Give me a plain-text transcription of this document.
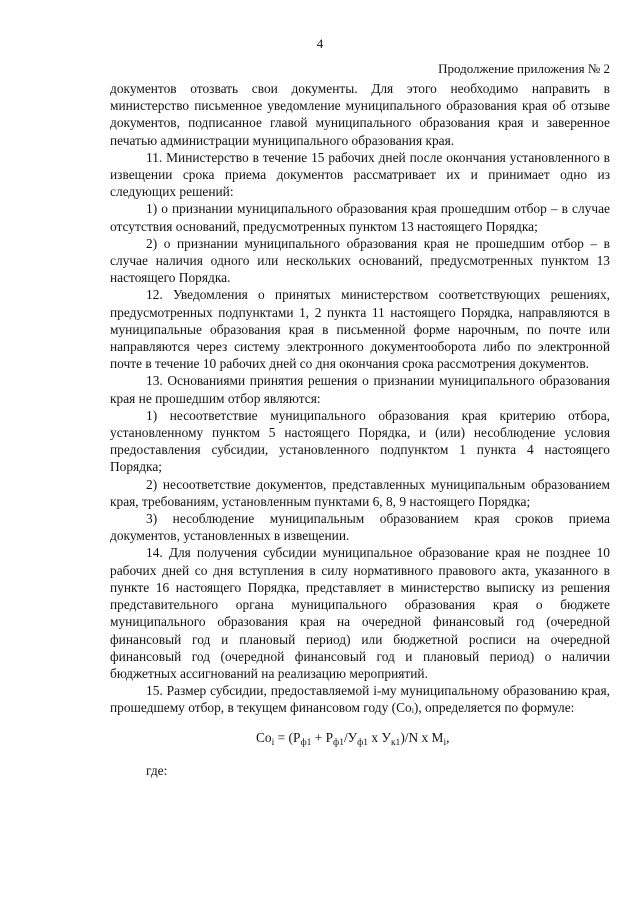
4
Продолжение приложения № 2

документов отозвать свои документы. Для этого необходимо направить в министерство письменное уведомление муниципального образования края об отзыве документов, подписанное главой муниципального образования края и заверенное печатью администрации муниципального образования края.

11. Министерство в течение 15 рабочих дней после окончания установленного в извещении срока приема документов рассматривает их и принимает одно из следующих решений:

1) о признании муниципального образования края прошедшим отбор – в случае отсутствия оснований, предусмотренных пунктом 13 настоящего Порядка;

2) о признании муниципального образования края не прошедшим отбор – в случае наличия одного или нескольких оснований, предусмотренных пунктом 13 настоящего Порядка.

12. Уведомления о принятых министерством соответствующих решениях, предусмотренных подпунктами 1, 2 пункта 11 настоящего Порядка, направляются в муниципальные образования края в письменной форме нарочным, по почте или направляются через систему электронного документооборота либо по электронной почте в течение 10 рабочих дней со дня окончания срока рассмотрения документов.

13. Основаниями принятия решения о признании муниципального образования края не прошедшим отбор являются:

1) несоответствие муниципального образования края критерию отбора, установленному пунктом 5 настоящего Порядка, и (или) несоблюдение условия предоставления субсидии, установленного подпунктом 1 пункта 4 настоящего Порядка;

2) несоответствие документов, представленных муниципальным образованием края, требованиям, установленным пунктами 6, 8, 9 настоящего Порядка;

3) несоблюдение муниципальным образованием края сроков приема документов, установленных в извещении.

14. Для получения субсидии муниципальное образование края не позднее 10 рабочих дней со дня вступления в силу нормативного правового акта, указанного в пункте 16 настоящего Порядка, представляет в министерство выписку из решения представительного органа муниципального образования края о бюджете муниципального образования края на очередной финансовый год (очередной финансовый год и плановый период) или бюджетной росписи на очередной финансовый год (очередной финансовый год и плановый период) о наличии бюджетных ассигнований на реализацию мероприятий.

15. Размер субсидии, предоставляемой i-му муниципальному образованию края, прошедшему отбор, в текущем финансовом году (Coᵢ), определяется по формуле:

$Co_i = (Р_{ф1} + Р_{ф1}/У_{ф1}$ х $У_{к1})/N$ х $М_i$,
где:
